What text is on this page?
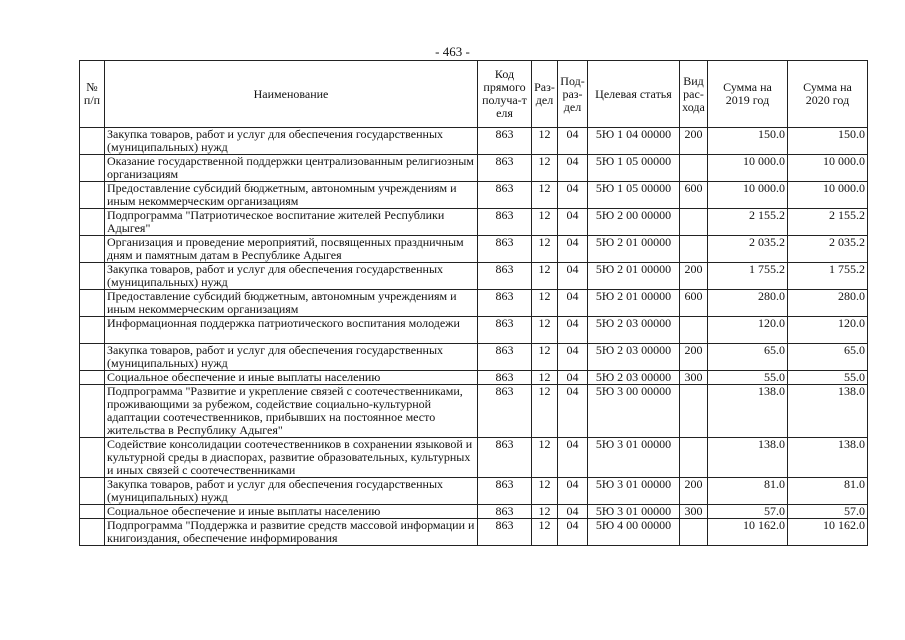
- 463 -
№ п/п	Наименование	Код прямого получа-т еля	Раз-дел	Под-раз-дел	Целевая статья	Вид рас-хода	Сумма на 2019 год	Сумма на 2020 год
	Закупка товаров, работ и услуг для обеспечения государственных (муниципальных) нужд	863	12	04	5Ю 1 04 00000	200	150.0	150.0
	Оказание государственной поддержки централизованным религиозным организациям	863	12	04	5Ю 1 05 00000		10 000.0	10 000.0
	Предоставление субсидий бюджетным, автономным учреждениям и иным некоммерческим организациям	863	12	04	5Ю 1 05 00000	600	10 000.0	10 000.0
	Подпрограмма "Патриотическое воспитание жителей Республики Адыгея"	863	12	04	5Ю 2 00 00000		2 155.2	2 155.2
	Организация и проведение мероприятий, посвященных праздничным дням и памятным датам в Республике Адыгея	863	12	04	5Ю 2 01 00000		2 035.2	2 035.2
	Закупка товаров, работ и услуг для обеспечения государственных (муниципальных) нужд	863	12	04	5Ю 2 01 00000	200	1 755.2	1 755.2
	Предоставление субсидий бюджетным, автономным учреждениям и иным некоммерческим организациям	863	12	04	5Ю 2 01 00000	600	280.0	280.0
	Информационная поддержка патриотического воспитания молодежи	863	12	04	5Ю 2 03 00000		120.0	120.0
	Закупка товаров, работ и услуг для обеспечения государственных (муниципальных) нужд	863	12	04	5Ю 2 03 00000	200	65.0	65.0
	Социальное обеспечение и иные выплаты населению	863	12	04	5Ю 2 03 00000	300	55.0	55.0
	Подпрограмма "Развитие и укрепление связей с соотечественниками, проживающими за рубежом, содействие социально-культурной адаптации соотечественников, прибывших на постоянное место жительства в Республику Адыгея"	863	12	04	5Ю 3 00 00000		138.0	138.0
	Содействие консолидации соотечественников в сохранении языковой и культурной среды в диаспорах, развитие образовательных, культурных и иных связей с соотечественниками	863	12	04	5Ю 3 01 00000		138.0	138.0
	Закупка товаров, работ и услуг для обеспечения государственных (муниципальных) нужд	863	12	04	5Ю 3 01 00000	200	81.0	81.0
	Социальное обеспечение и иные выплаты населению	863	12	04	5Ю 3 01 00000	300	57.0	57.0
	Подпрограмма "Поддержка и развитие средств массовой информации и книгоиздания, обеспечение информирования	863	12	04	5Ю 4 00 00000		10 162.0	10 162.0
